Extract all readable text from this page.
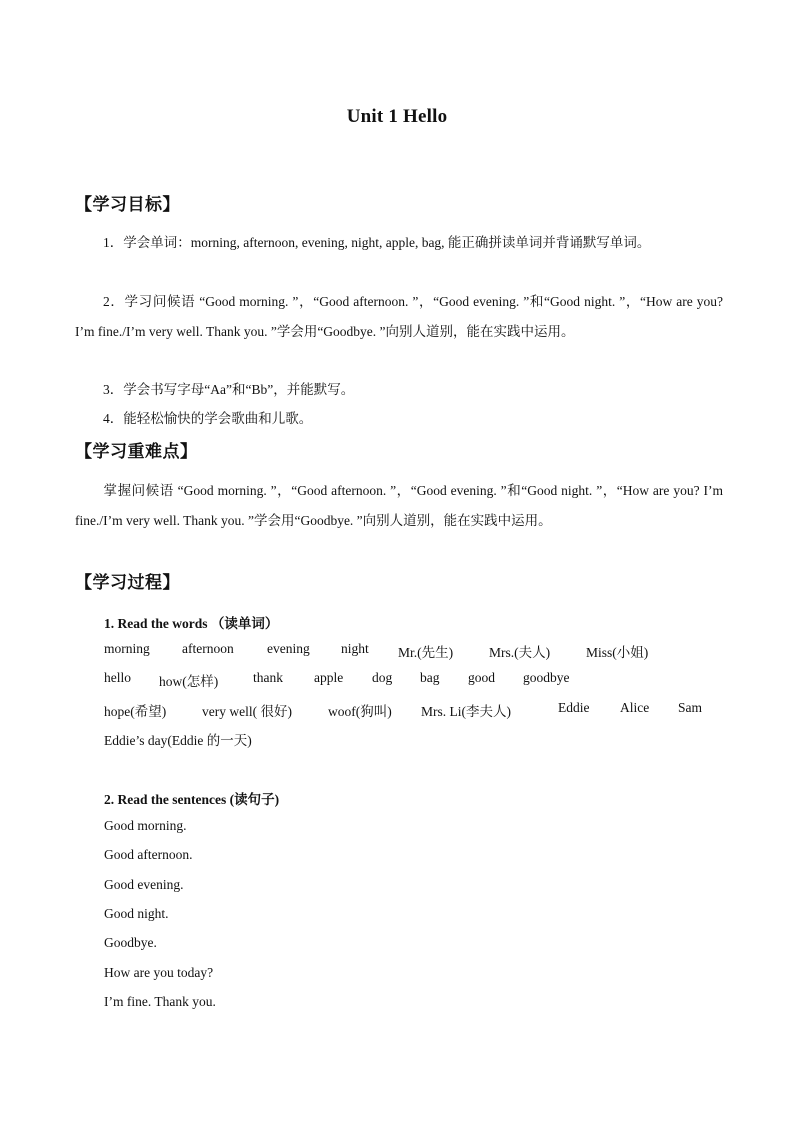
Unit 1 Hello
【学习目标】
1．学会单词：morning, afternoon, evening, night, apple, bag, 能正确拼读单词并背诵默写单词。
2．学习问候语 “Good morning. ”，“Good afternoon. ”，“Good evening. ”和“Good night. ”，“How are you? I’m fine./I’m very well. Thank you. ”学会用“Goodbye. ”向别人道别，能在实践中运用。
3．学会书写字母“Aa”和“Bb”，并能默写。
4．能轻松愉快的学会歌曲和儿歌。
【学习重难点】
掌握问候语 “Good morning. ”，“Good afternoon. ”，“Good evening. ”和“Good night. ”，“How are you? I’m fine./I’m very well. Thank you. ”学会用“Goodbye. ”向别人道别，能在实践中运用。
【学习过程】
1. Read the words （读单词）
morning afternoon evening night Mr.(先生)	Mrs.(夫人)	Miss(小姐)
hello how(怎样)	thank apple dog bag good goodbye
hope(希望)	very well( 很好)	woof(狗叫) Mrs. Li(李夫人)	Eddie Alice Sam
Eddie’s day(Eddie 的一天)
2. Read the sentences (读句子)
Good morning.
Good afternoon.
Good evening.
Good night.
Goodbye.
How are you today?
I’m fine. Thank you.
